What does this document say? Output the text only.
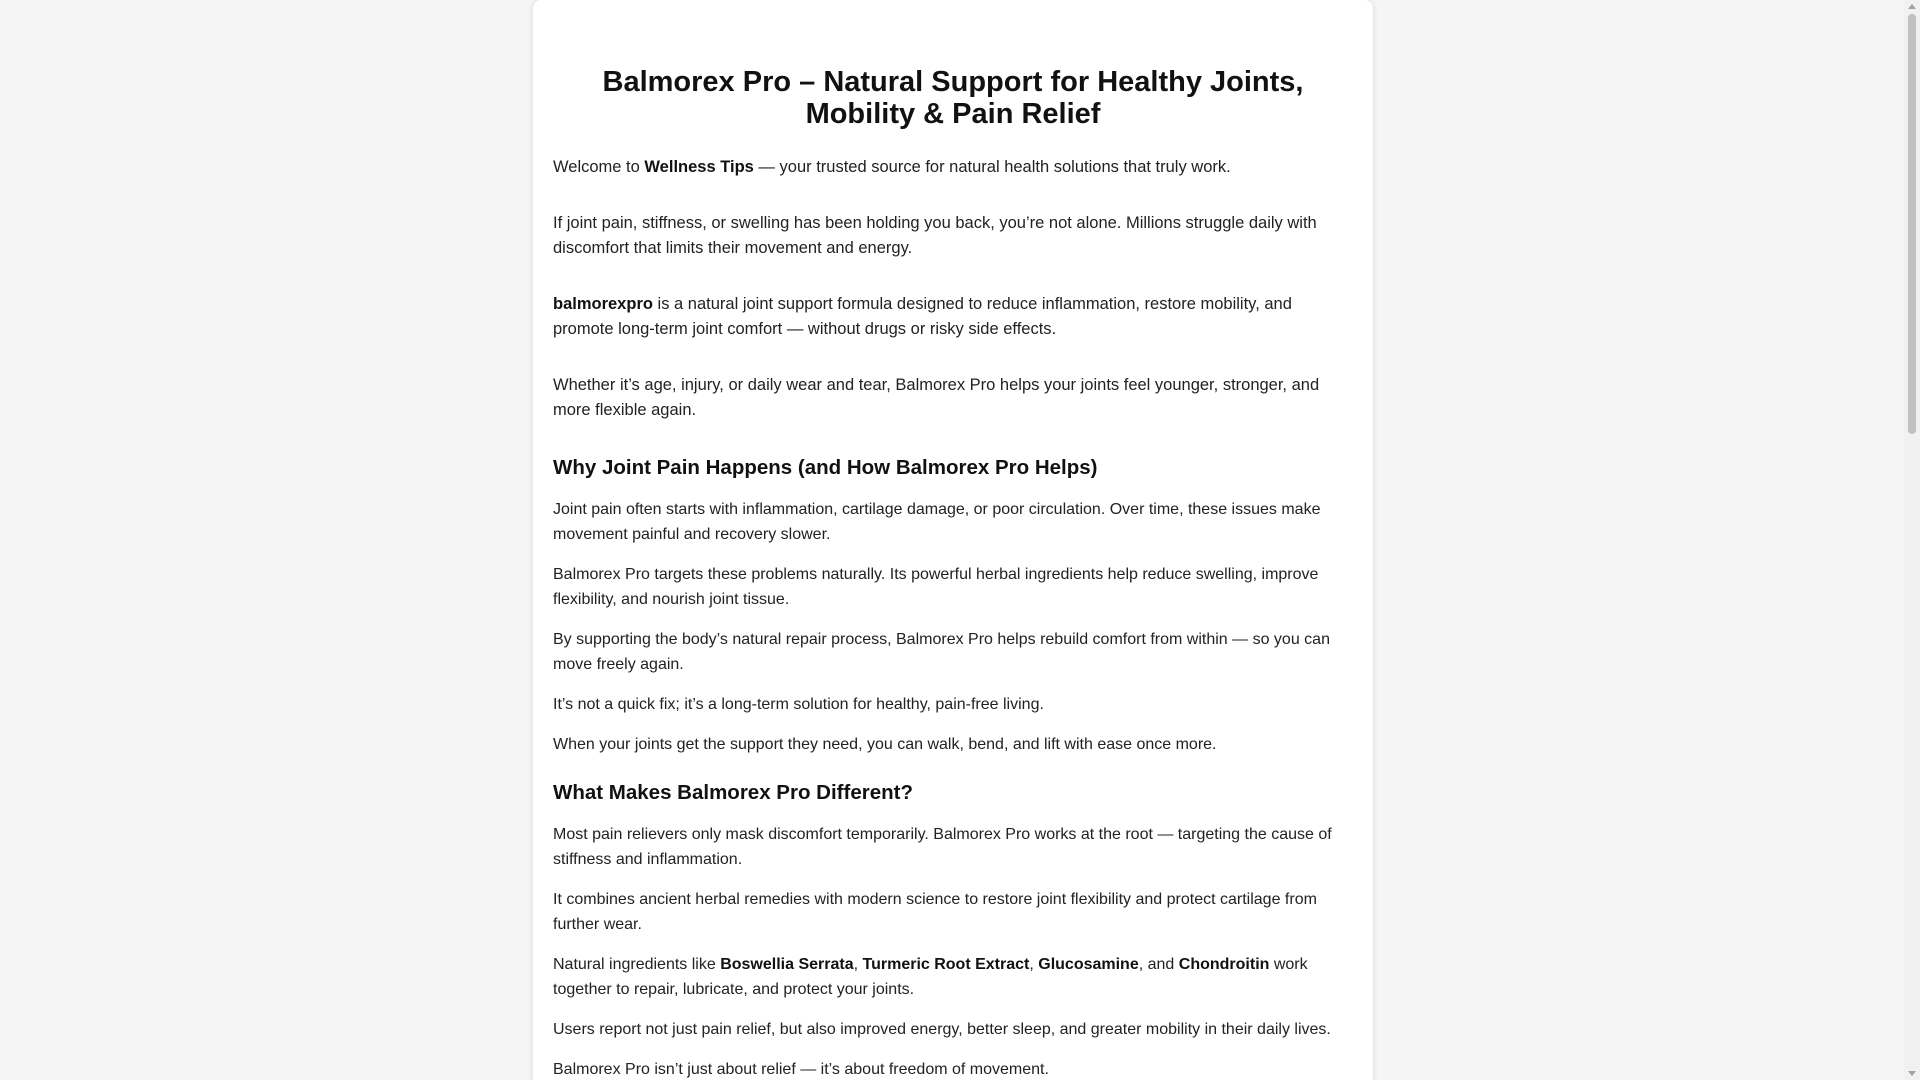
Balmorex Pro – Natural Support for Healthy Joints, Mobility & Pain Relief

Welcome to Wellness Tips — your trusted source for natural health solutions that truly work.

If joint pain, stiffness, or swelling has been holding you back, you’re not alone. Millions struggle daily with discomfort that limits their movement and energy.

balmorexpro is a natural joint support formula designed to reduce inflammation, restore mobility, and promote long-term joint comfort — without drugs or risky side effects.

Whether it’s age, injury, or daily wear and tear, Balmorex Pro helps your joints feel younger, stronger, and more flexible again.

Why Joint Pain Happens (and How Balmorex Pro Helps)

Joint pain often starts with inflammation, cartilage damage, or poor circulation. Over time, these issues make movement painful and recovery slower.

Balmorex Pro targets these problems naturally. Its powerful herbal ingredients help reduce swelling, improve flexibility, and nourish joint tissue.

By supporting the body’s natural repair process, Balmorex Pro helps rebuild comfort from within — so you can move freely again.

It’s not a quick fix; it’s a long-term solution for healthy, pain-free living.

When your joints get the support they need, you can walk, bend, and lift with ease once more.

What Makes Balmorex Pro Different?

Most pain relievers only mask discomfort temporarily. Balmorex Pro works at the root — targeting the cause of stiffness and inflammation.

It combines ancient herbal remedies with modern science to restore joint flexibility and protect cartilage from further wear.

Natural ingredients like Boswellia Serrata, Turmeric Root Extract, Glucosamine, and Chondroitin work together to repair, lubricate, and protect your joints.

Users report not just pain relief, but also improved energy, better sleep, and greater mobility in their daily lives.

Balmorex Pro isn’t just about relief — it’s about freedom of movement.
